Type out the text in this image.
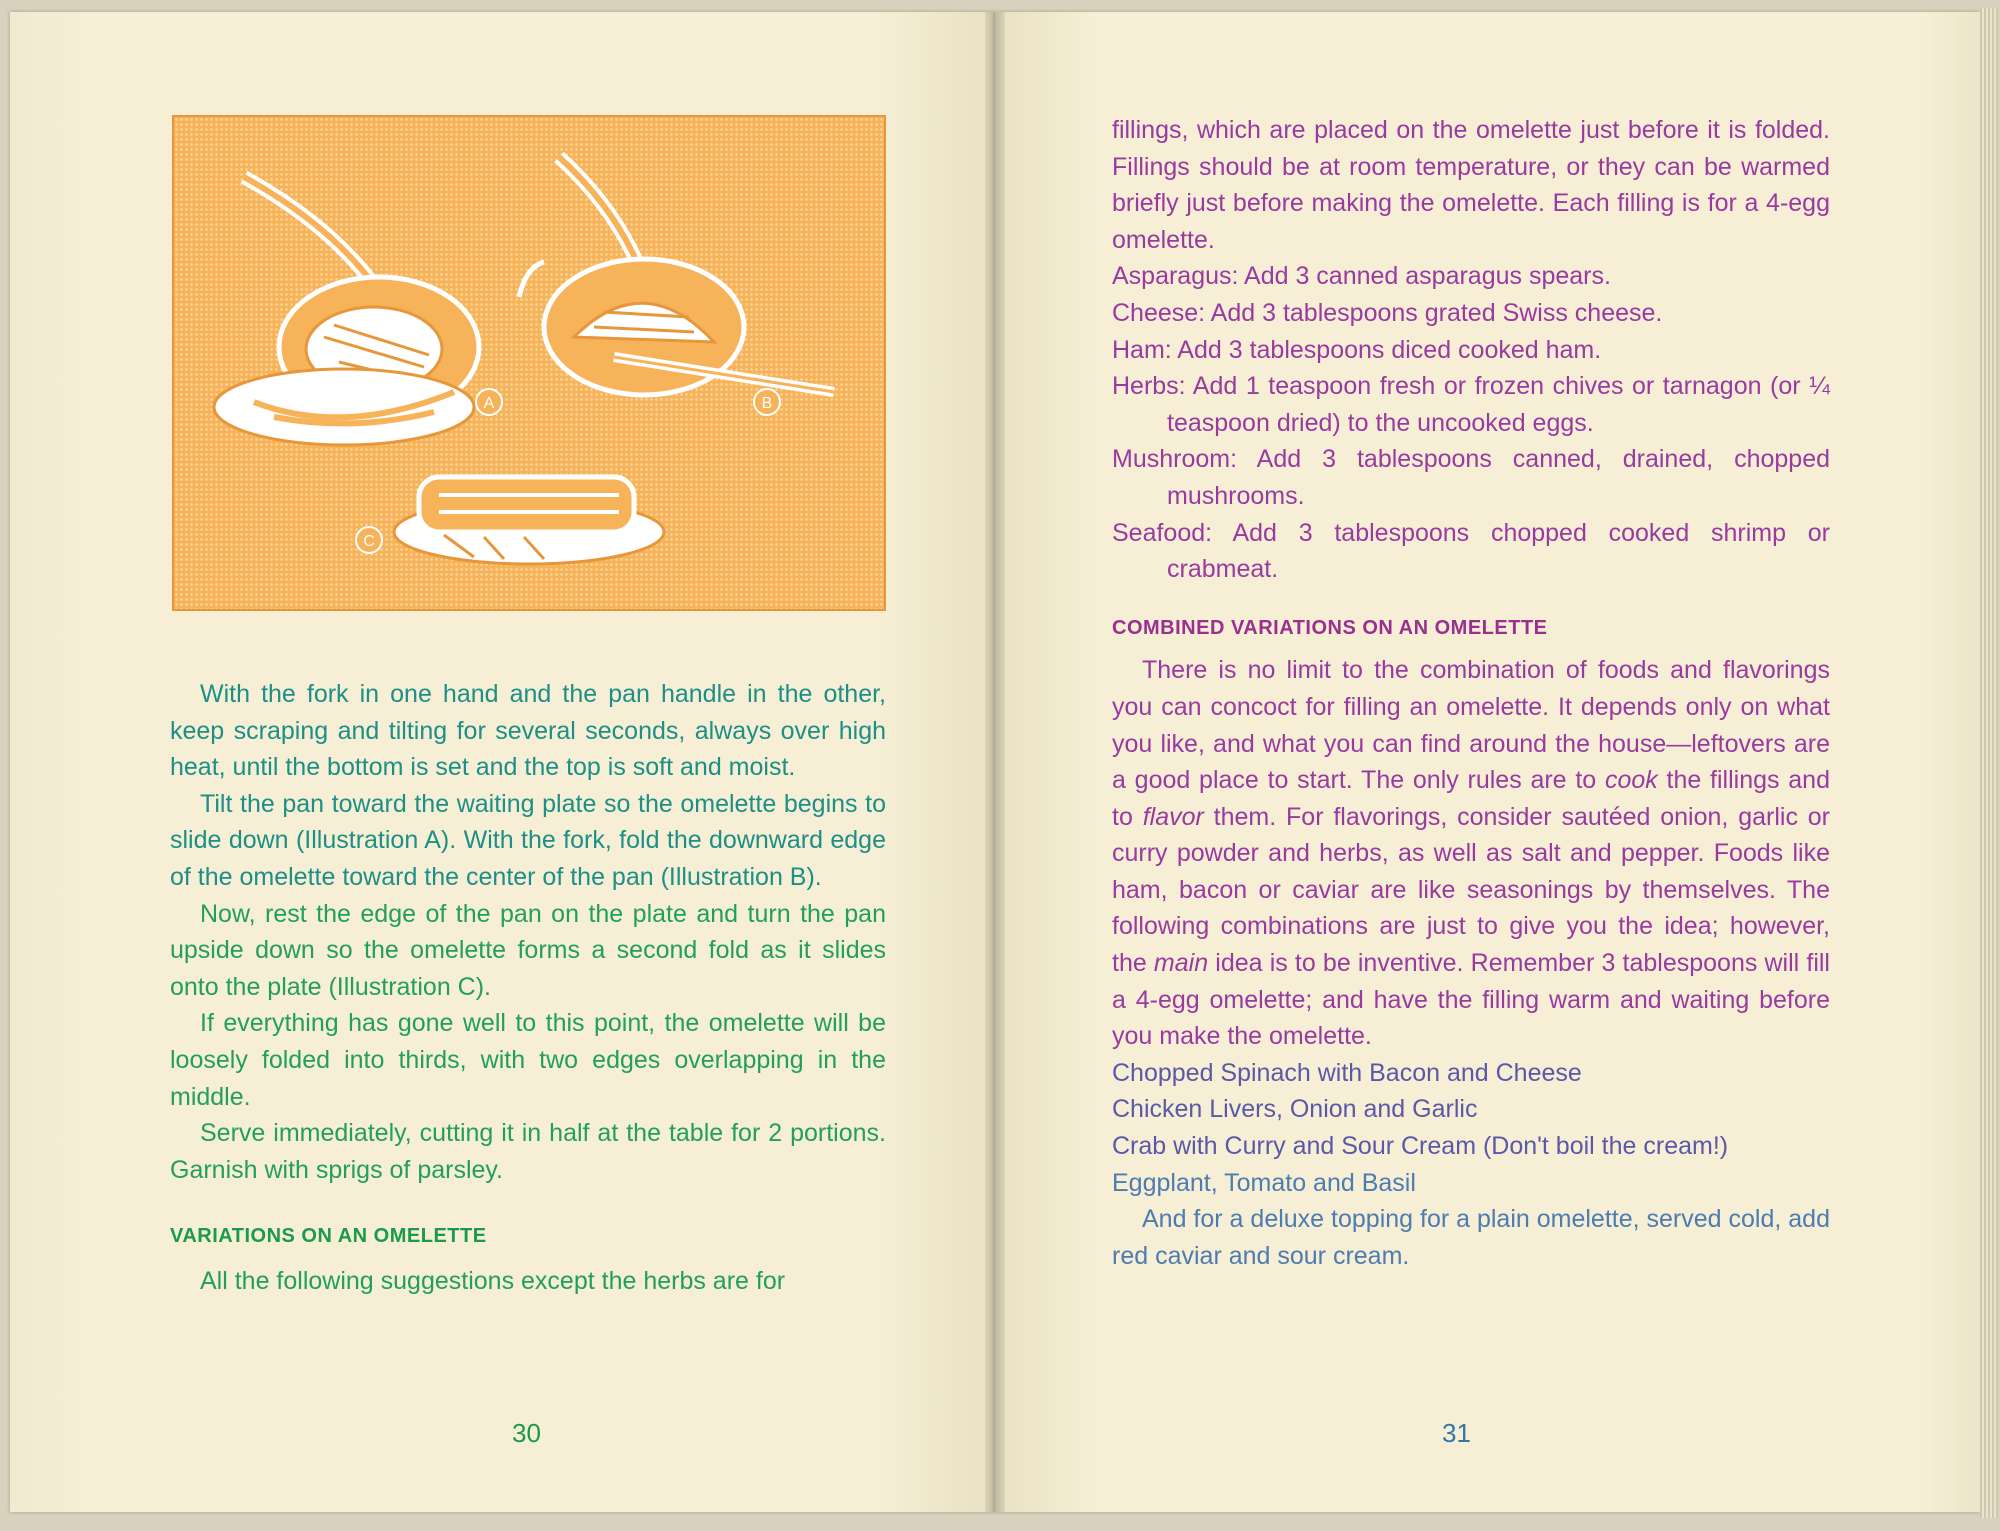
A	B
C

With the fork in one hand and the pan handle in the other, keep scraping and tilting for several seconds, always over high heat, until the bottom is set and the top is soft and moist.

Tilt the pan toward the waiting plate so the omelette begins to slide down (Illustration A). With the fork, fold the downward edge of the omelette toward the center of the pan (Illustration B).

Now, rest the edge of the pan on the plate and turn the pan upside down so the omelette forms a second fold as it slides onto the plate (Illustration C).

If everything has gone well to this point, the omelette will be loosely folded into thirds, with two edges overlapping in the middle.

Serve immediately, cutting it in half at the table for 2 portions. Garnish with sprigs of parsley.

VARIATIONS ON AN OMELETTE

All the following suggestions except the herbs are for

30

fillings, which are placed on the omelette just before it is folded. Fillings should be at room temperature, or they can be warmed briefly just before making the omelette. Each filling is for a 4-egg omelette.

Asparagus: Add 3 canned asparagus spears.

Cheese: Add 3 tablespoons grated Swiss cheese.

Ham: Add 3 tablespoons diced cooked ham.

Herbs: Add 1 teaspoon fresh or frozen chives or tarnagon (or ¼ teaspoon dried) to the uncooked eggs.

Mushroom: Add 3 tablespoons canned, drained, chopped mushrooms.

Seafood: Add 3 tablespoons chopped cooked shrimp or crabmeat.

COMBINED VARIATIONS ON AN OMELETTE

There is no limit to the combination of foods and flavorings you can concoct for filling an omelette. It depends only on what you like, and what you can find around the house—leftovers are a good place to start. The only rules are to cook the fillings and to flavor them. For flavorings, consider sautéed onion, garlic or curry powder and herbs, as well as salt and pepper. Foods like ham, bacon or caviar are like seasonings by themselves. The following combinations are just to give you the idea; however, the main idea is to be inventive. Remember 3 tablespoons will fill a 4-egg omelette; and have the filling warm and waiting before you make the omelette.

Chopped Spinach with Bacon and Cheese

Chicken Livers, Onion and Garlic

Crab with Curry and Sour Cream (Don't boil the cream!)

Eggplant, Tomato and Basil

And for a deluxe topping for a plain omelette, served cold, add red caviar and sour cream.

31
